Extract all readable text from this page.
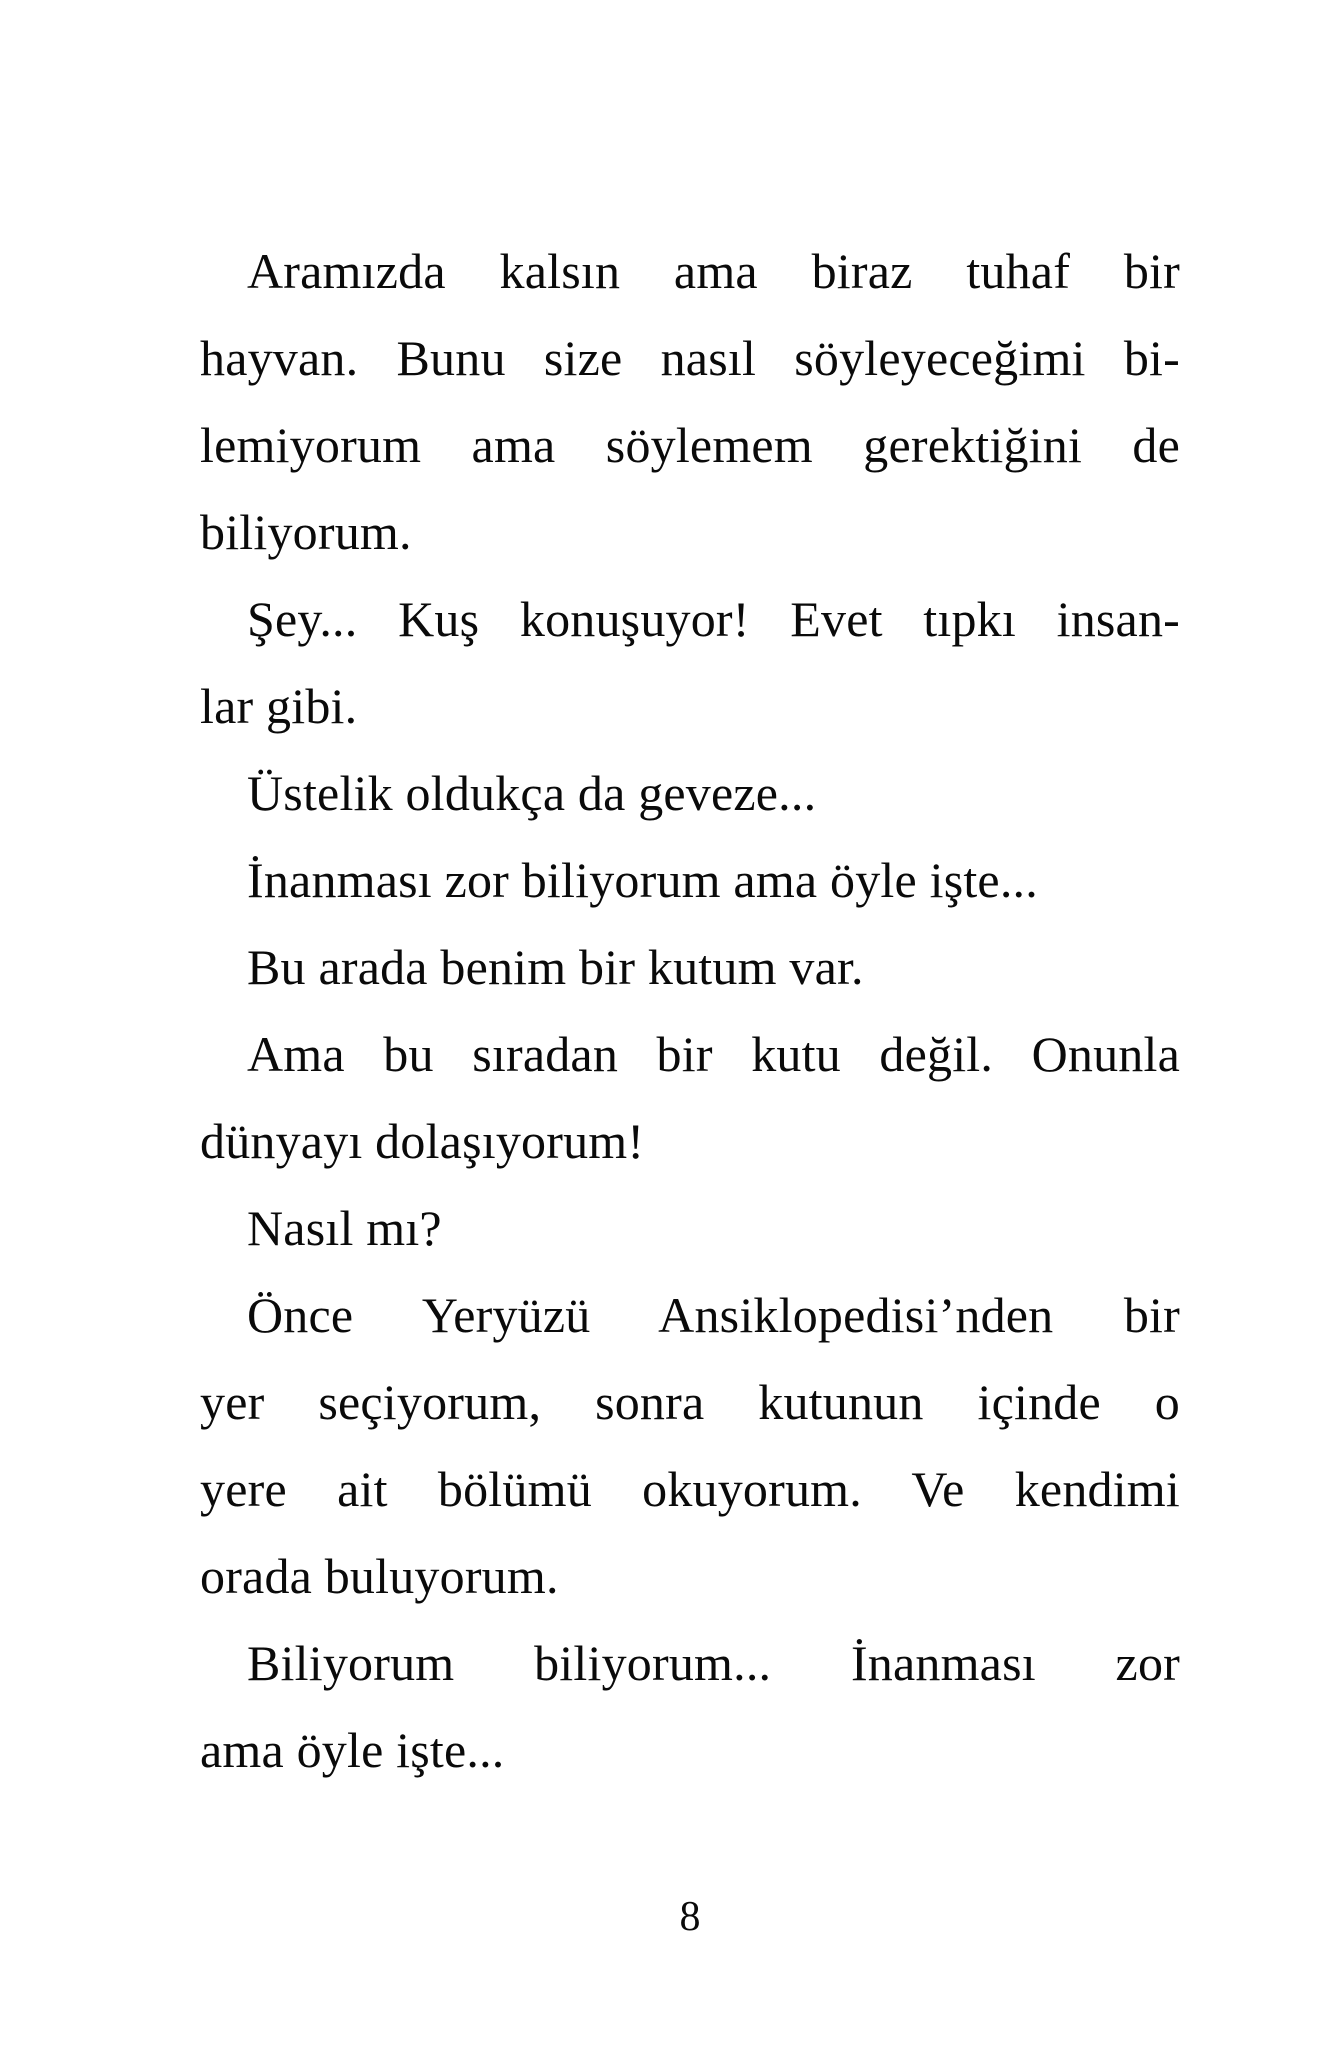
Aramızda kalsın ama biraz tuhaf bir
hayvan. Bunu size nasıl söyleyeceğimi bi-
lemiyorum ama söylemem gerektiğini de
biliyorum.
Şey... Kuş konuşuyor! Evet tıpkı insan-
lar gibi.
Üstelik oldukça da geveze...
İnanması zor biliyorum ama öyle işte...
Bu arada benim bir kutum var.
Ama bu sıradan bir kutu değil. Onunla
dünyayı dolaşıyorum!
Nasıl mı?
Önce Yeryüzü Ansiklopedisi’nden bir
yer seçiyorum, sonra kutunun içinde o
yere ait bölümü okuyorum. Ve kendimi
orada buluyorum.
Biliyorum biliyorum... İnanması zor
ama öyle işte...
8
